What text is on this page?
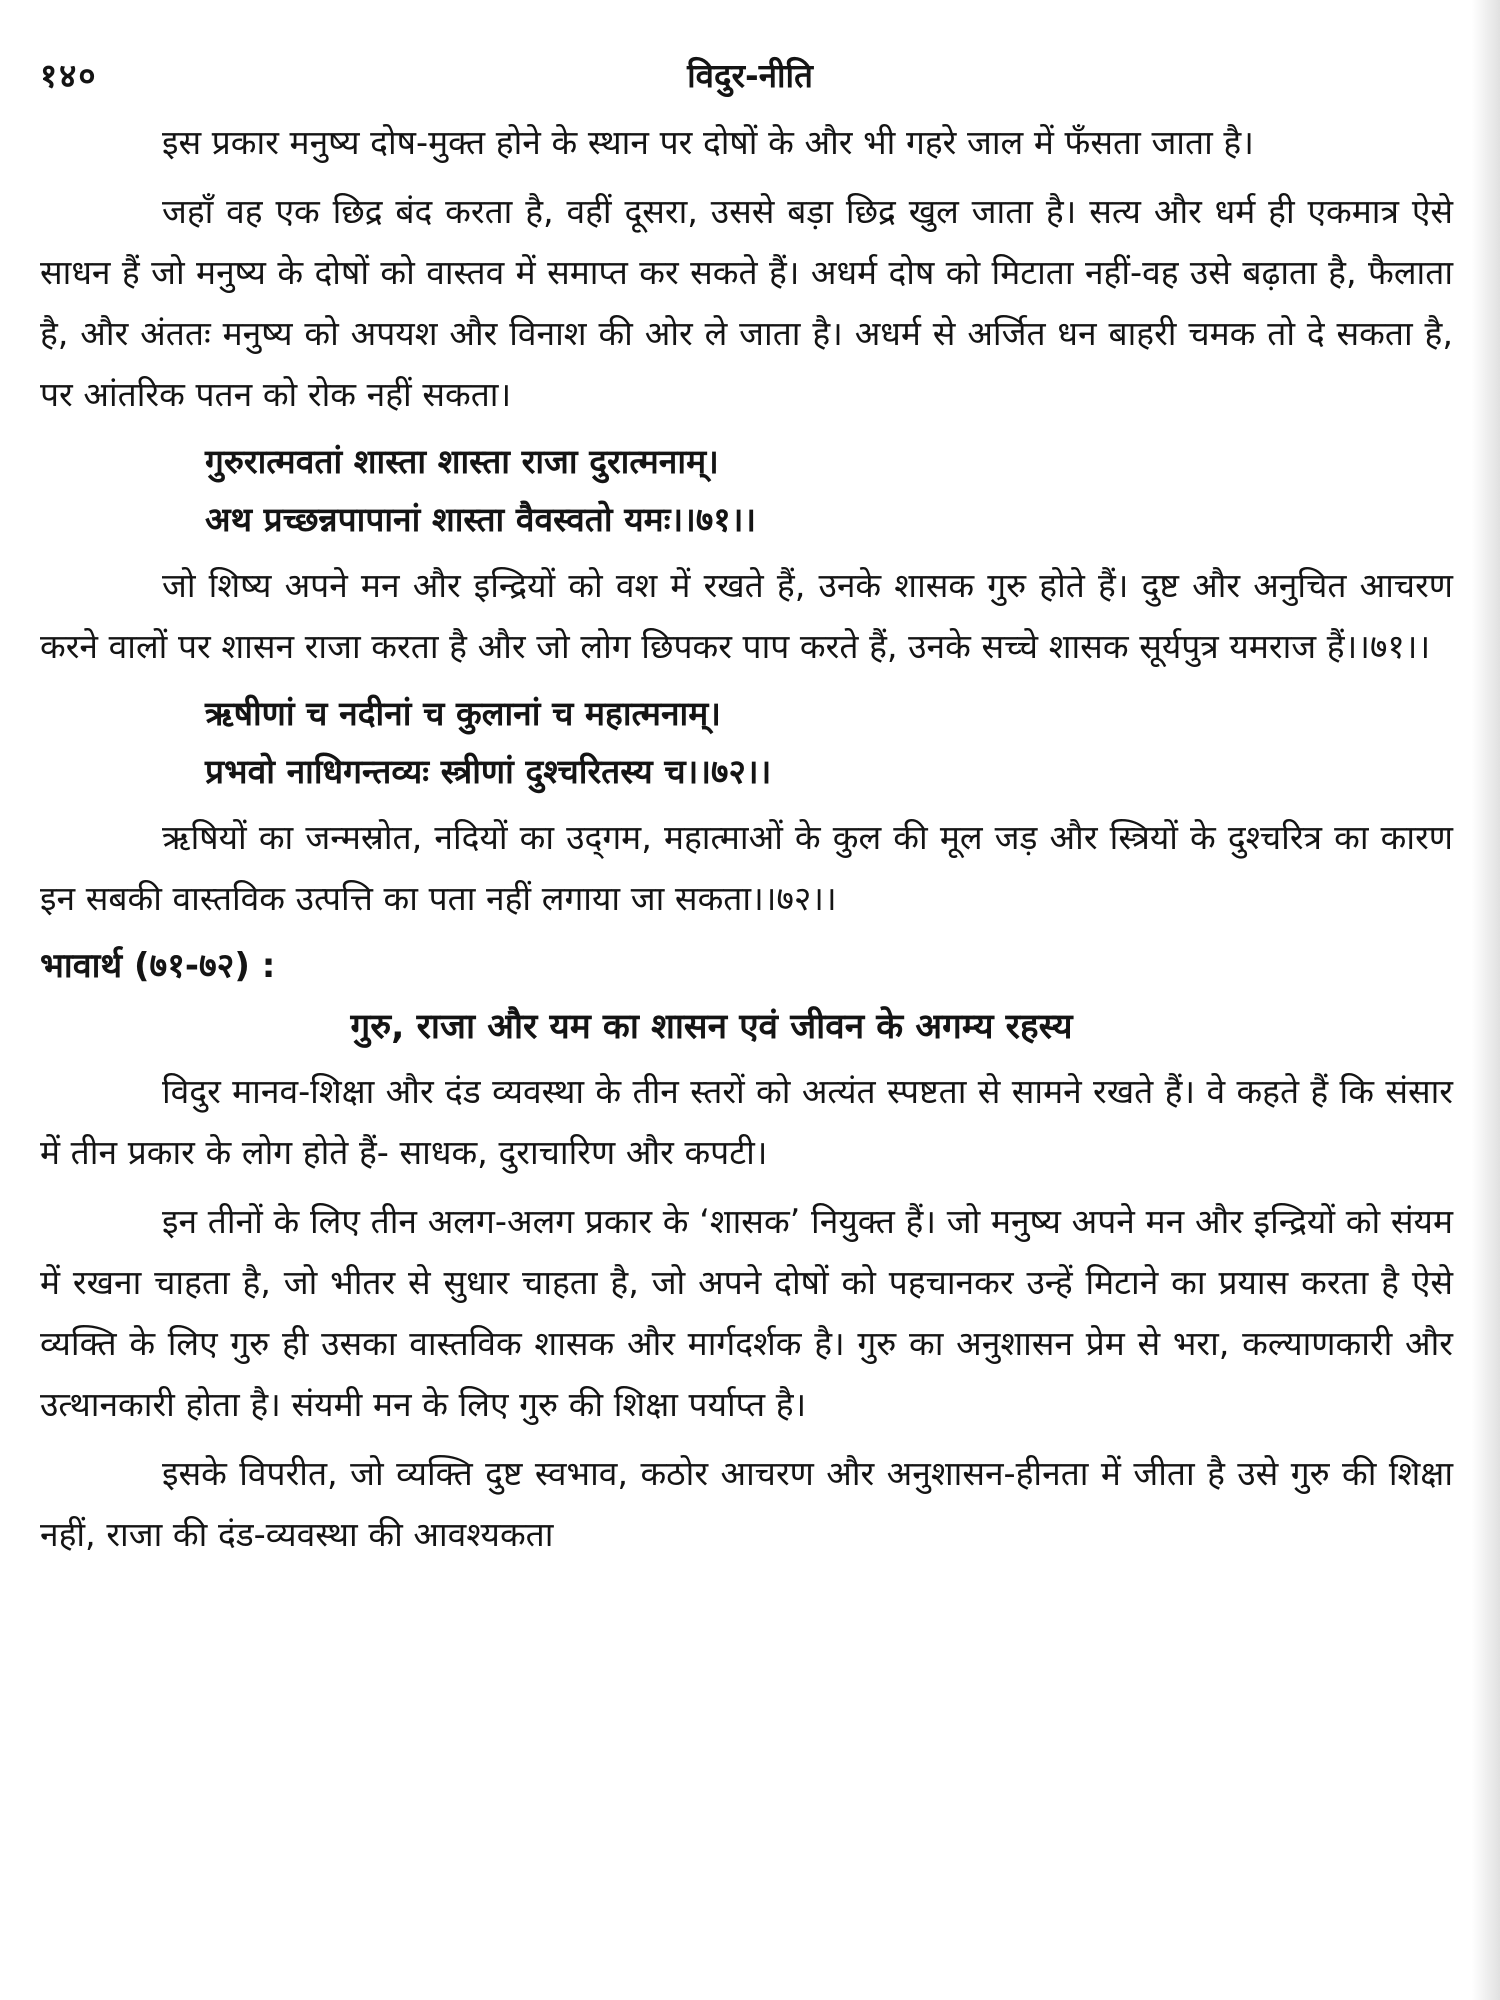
१४०	विदुर-नीति

इस प्रकार मनुष्य दोष-मुक्त होने के स्थान पर दोषों के और भी गहरे जाल में फँसता जाता है।

जहाँ वह एक छिद्र बंद करता है, वहीं दूसरा, उससे बड़ा छिद्र खुल जाता है। सत्य और धर्म ही एकमात्र ऐसे साधन हैं जो मनुष्य के दोषों को वास्तव में समाप्त कर सकते हैं। अधर्म दोष को मिटाता नहीं-वह उसे बढ़ाता है, फैलाता है, और अंततः मनुष्य को अपयश और विनाश की ओर ले जाता है। अधर्म से अर्जित धन बाहरी चमक तो दे सकता है, पर आंतरिक पतन को रोक नहीं सकता।

गुरुरात्मवतां शास्ता शास्ता राजा दुरात्मनाम्।
अथ प्रच्छन्नपापानां शास्ता वैवस्वतो यमः।।७१।।

जो शिष्य अपने मन और इन्द्रियों को वश में रखते हैं, उनके शासक गुरु होते हैं। दुष्ट और अनुचित आचरण करने वालों पर शासन राजा करता है और जो लोग छिपकर पाप करते हैं, उनके सच्चे शासक सूर्यपुत्र यमराज हैं।।७१।।

ऋषीणां च नदीनां च कुलानां च महात्मनाम्।
प्रभवो नाधिगन्तव्यः स्त्रीणां दुश्चरितस्य च।।७२।।

ऋषियों का जन्मस्रोत, नदियों का उद्‌गम, महात्माओं के कुल की मूल जड़ और स्त्रियों के दुश्चरित्र का कारण इन सबकी वास्तविक उत्पत्ति का पता नहीं लगाया जा सकता।।७२।।

भावार्थ (७१-७२) :
गुरु, राजा और यम का शासन एवं जीवन के अगम्य रहस्य

विदुर मानव-शिक्षा और दंड व्यवस्था के तीन स्तरों को अत्यंत स्पष्टता से सामने रखते हैं। वे कहते हैं कि संसार में तीन प्रकार के लोग होते हैं- साधक, दुराचारिण और कपटी।

इन तीनों के लिए तीन अलग-अलग प्रकार के ‘शासक’ नियुक्त हैं। जो मनुष्य अपने मन और इन्द्रियों को संयम में रखना चाहता है, जो भीतर से सुधार चाहता है, जो अपने दोषों को पहचानकर उन्हें मिटाने का प्रयास करता है ऐसे व्यक्ति के लिए गुरु ही उसका वास्तविक शासक और मार्गदर्शक है। गुरु का अनुशासन प्रेम से भरा, कल्याणकारी और उत्थानकारी होता है। संयमी मन के लिए गुरु की शिक्षा पर्याप्त है।

इसके विपरीत, जो व्यक्ति दुष्ट स्वभाव, कठोर आचरण और अनुशासन-हीनता में जीता है उसे गुरु की शिक्षा नहीं, राजा की दंड-व्यवस्था की आवश्यकता
